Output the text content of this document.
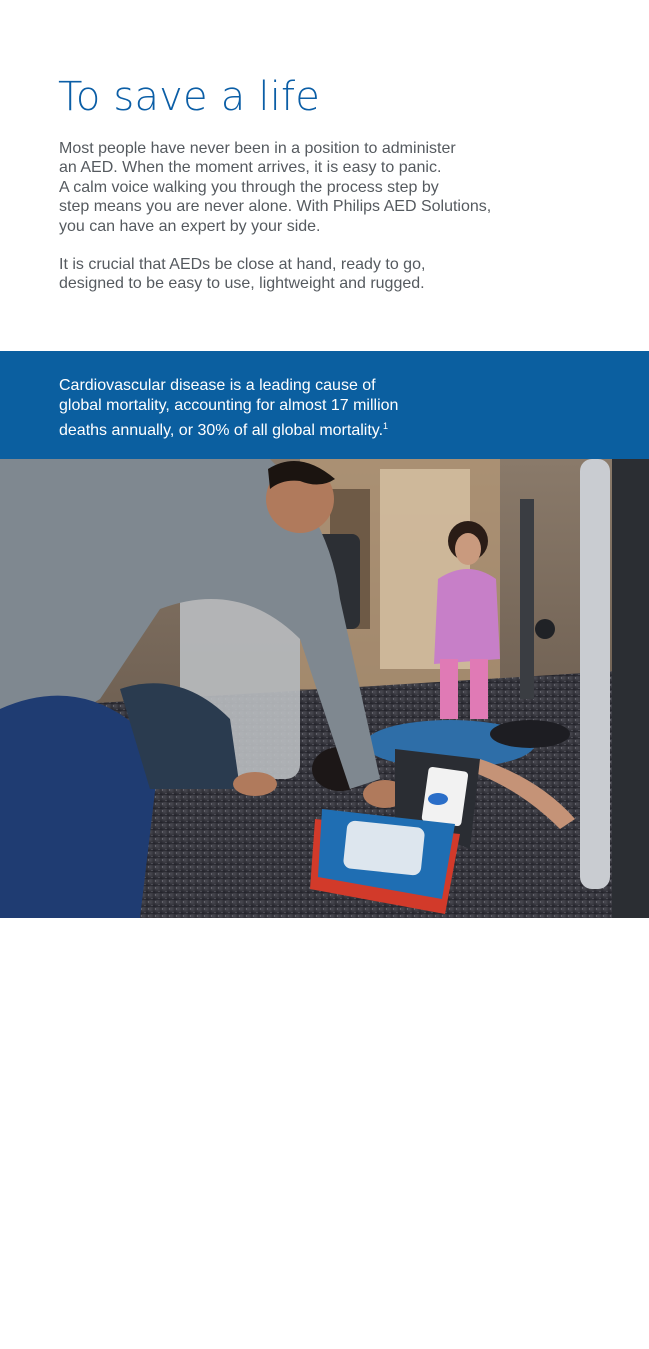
To save a life

Most people have never been in a position to administer
an AED. When the moment arrives, it is easy to panic.
A calm voice walking you through the process step by
step means you are never alone. With Philips AED Solutions,
you can have an expert by your side.

It is crucial that AEDs be close at hand, ready to go,
designed to be easy to use, lightweight and rugged.

Cardiovascular disease is a leading cause of
global mortality, accounting for almost 17 million
deaths annually, or 30% of all global mortality.$^1$
2
